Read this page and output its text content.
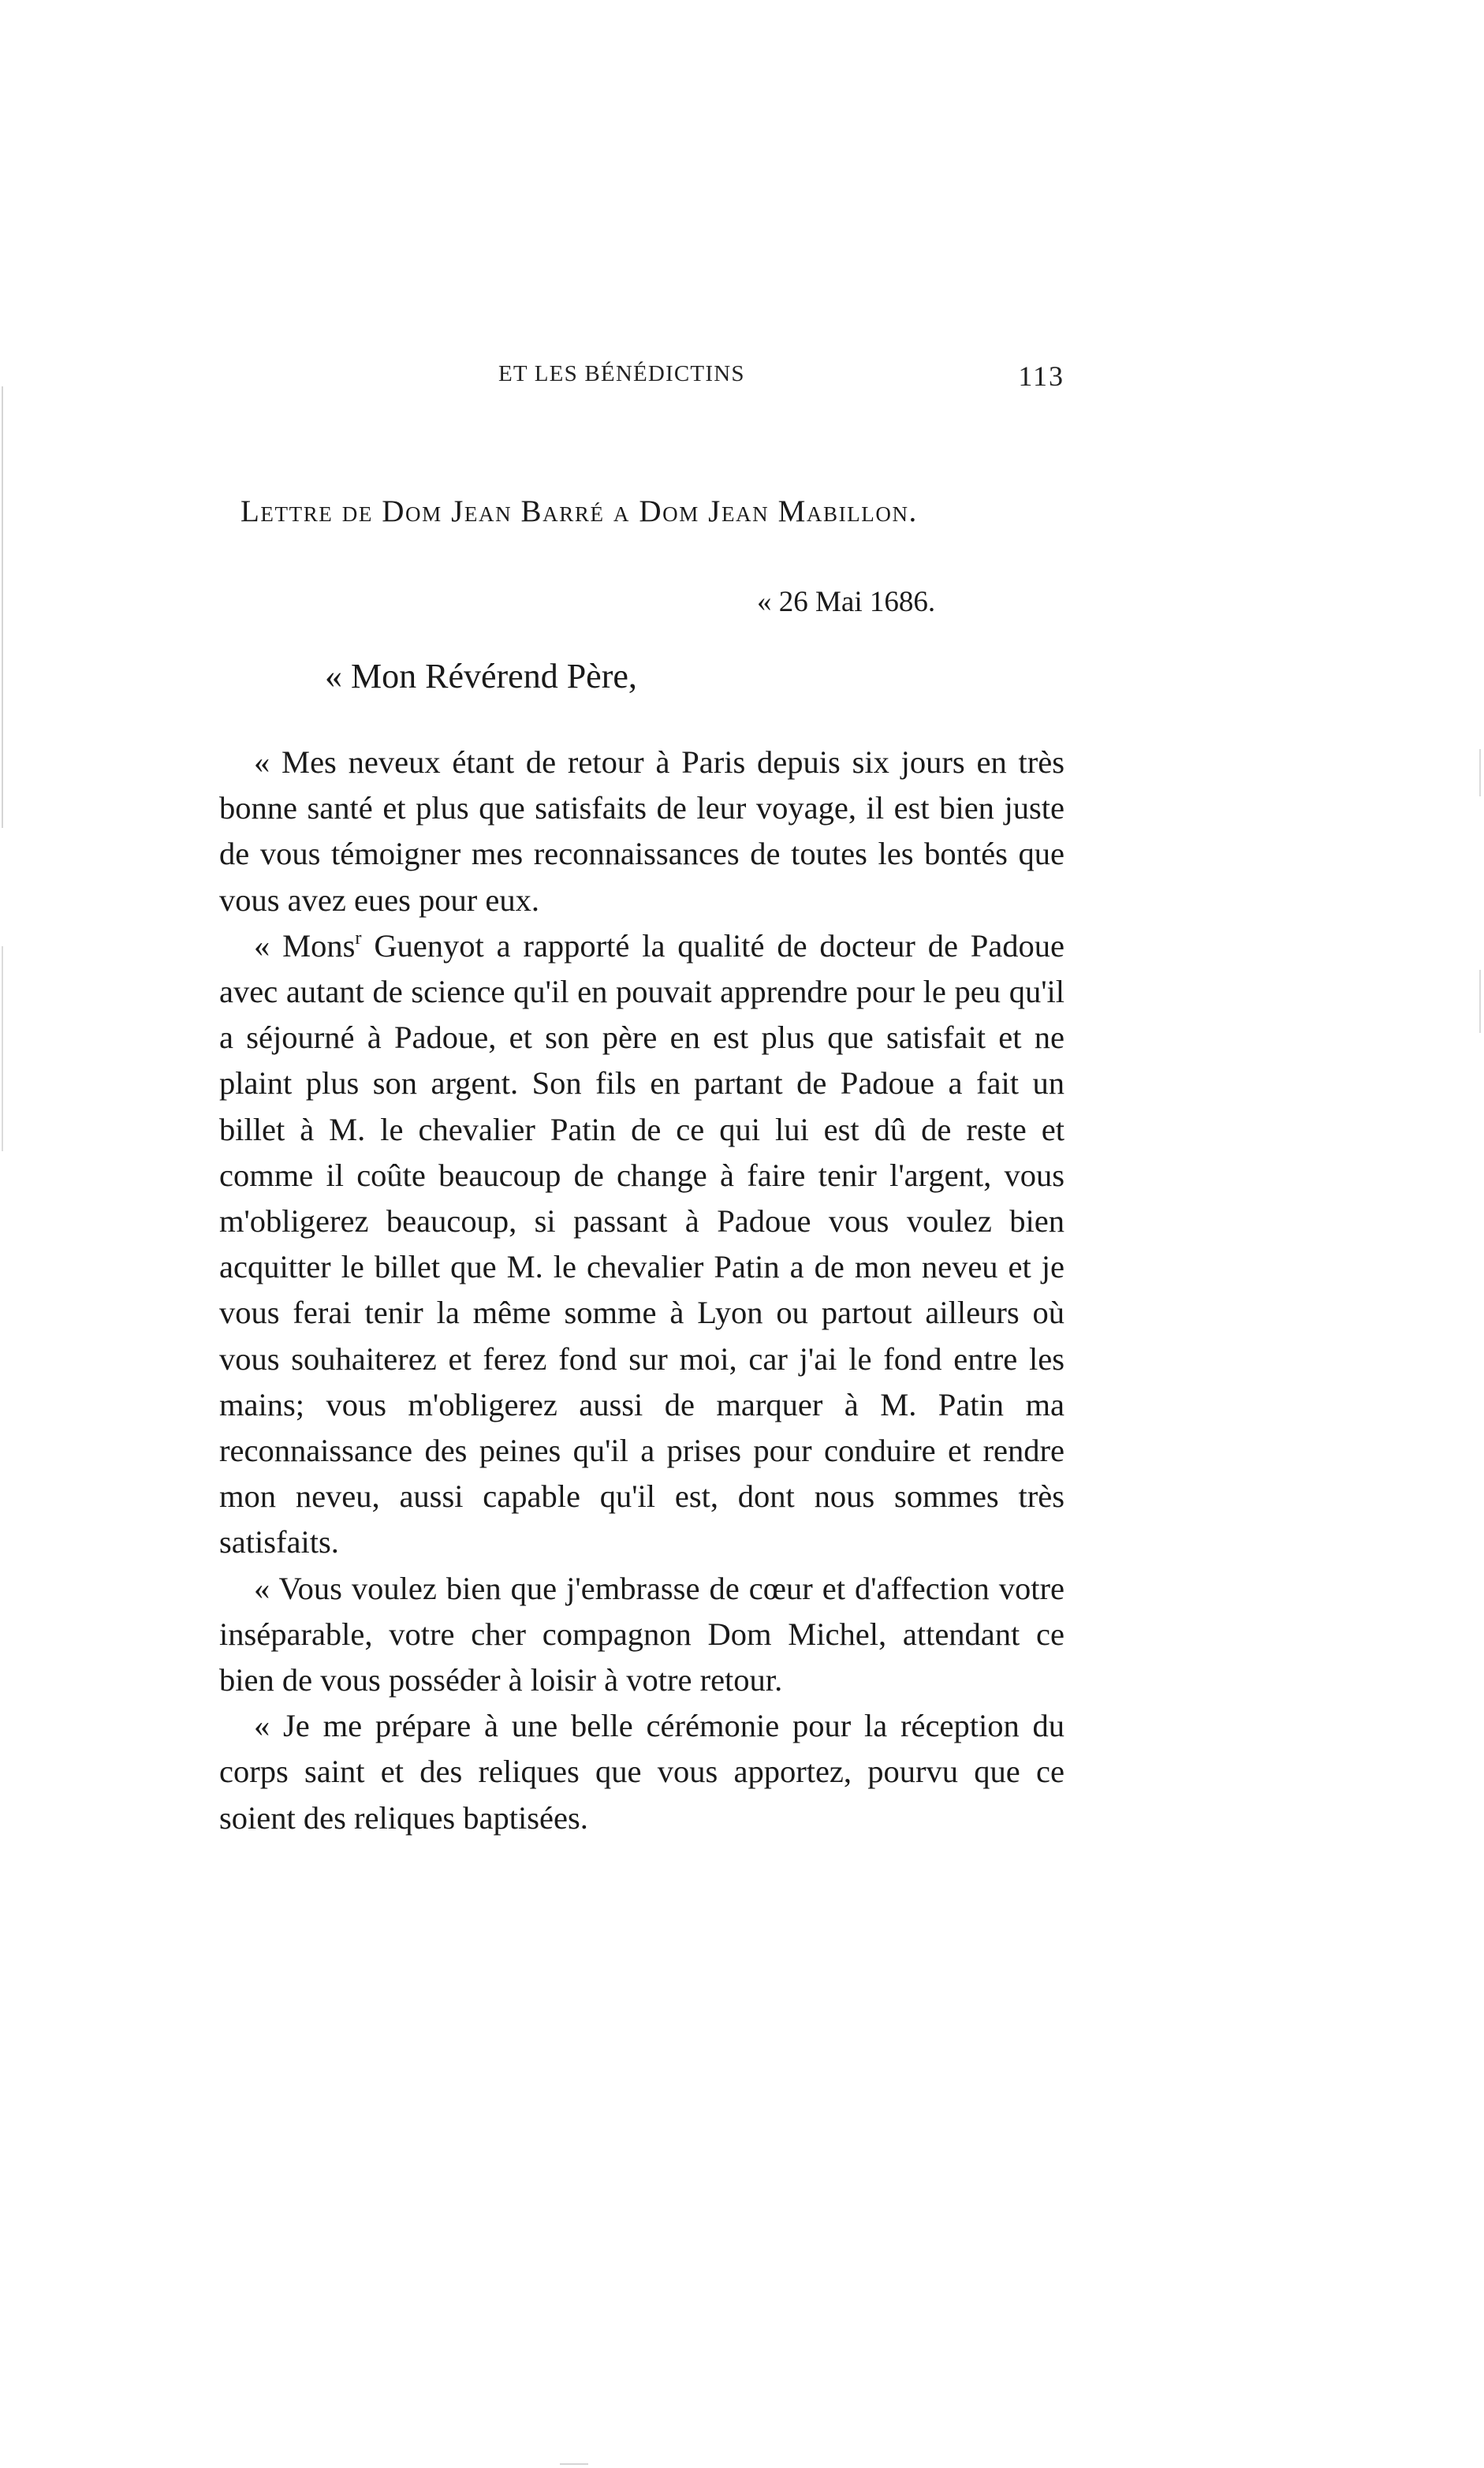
ET LES BÉNÉDICTINS	113
Lettre de Dom Jean Barré a Dom Jean Mabillon.
« 26 Mai 1686.
« Mon Révérend Père,

« Mes neveux étant de retour à Paris depuis six jours en très bonne santé et plus que satisfaits de leur voyage, il est bien juste de vous témoigner mes reconnaissances de toutes les bontés que vous avez eues pour eux.

« Mons$^r$ Guenyot a rapporté la qualité de docteur de Padoue avec autant de science qu'il en pouvait apprendre pour le peu qu'il a séjourné à Padoue, et son père en est plus que satisfait et ne plaint plus son argent. Son fils en partant de Padoue a fait un billet à M. le chevalier Patin de ce qui lui est dû de reste et comme il coûte beaucoup de change à faire tenir l'argent, vous m'obligerez beaucoup, si passant à Padoue vous voulez bien acquitter le billet que M. le chevalier Patin a de mon neveu et je vous ferai tenir la même somme à Lyon ou partout ailleurs où vous souhaiterez et ferez fond sur moi, car j'ai le fond entre les mains; vous m'obligerez aussi de marquer à M. Patin ma reconnaissance des peines qu'il a prises pour conduire et rendre mon neveu, aussi capable qu'il est, dont nous sommes très satisfaits.

« Vous voulez bien que j'embrasse de cœur et d'affection votre inséparable, votre cher compagnon Dom Michel, attendant ce bien de vous posséder à loisir à votre retour.

« Je me prépare à une belle cérémonie pour la réception du corps saint et des reliques que vous apportez, pourvu que ce soient des reliques baptisées.
